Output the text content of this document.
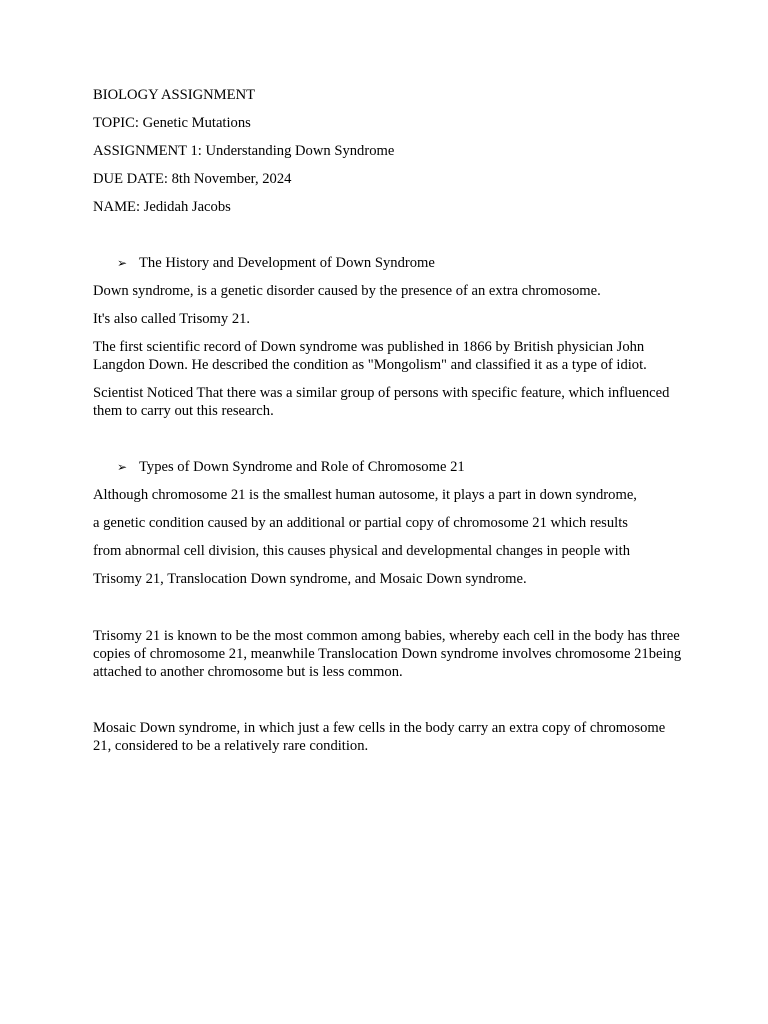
BIOLOGY ASSIGNMENT

TOPIC: Genetic Mutations

ASSIGNMENT 1: Understanding Down Syndrome

DUE DATE: 8th November, 2024

NAME: Jedidah Jacobs

➢ The History and Development of Down Syndrome

Down syndrome, is a genetic disorder caused by the presence of an extra chromosome.

It's also called Trisomy 21.

The first scientific record of Down syndrome was published in 1866 by British physician John Langdon Down. He described the condition as "Mongolism" and classified it as a type of idiot.

Scientist Noticed That there was a similar group of persons with specific feature, which influenced them to carry out this research.

➢ Types of Down Syndrome and Role of Chromosome 21

Although chromosome 21 is the smallest human autosome, it plays a part in down syndrome,

a genetic condition caused by an additional or partial copy of chromosome 21 which results

from abnormal cell division, this causes physical and developmental changes in people with

Trisomy 21, Translocation Down syndrome, and Mosaic Down syndrome.

Trisomy 21 is known to be the most common among babies, whereby each cell in the body has three copies of chromosome 21, meanwhile Translocation Down syndrome involves chromosome 21being attached to another chromosome but is less common.

Mosaic Down syndrome, in which just a few cells in the body carry an extra copy of chromosome 21, considered to be a relatively rare condition.
